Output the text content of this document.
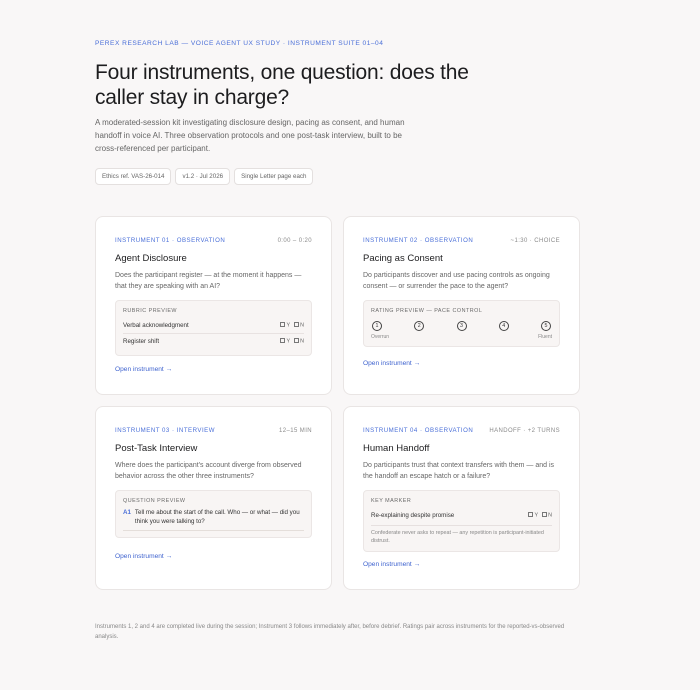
PEREX RESEARCH LAB — VOICE AGENT UX STUDY · INSTRUMENT SUITE 01–04
Four instruments, one question: does the caller stay in charge?

A moderated-session kit investigating disclosure design, pacing as consent, and human handoff in voice AI. Three observation protocols and one post-task interview, built to be cross-referenced per participant.

Ethics ref. VAS-26-014	v1.2 · Jul 2026	Single Letter page each
INSTRUMENT 01 · OBSERVATION	0:00 – 0:20
Agent Disclosure
Does the participant register — at the moment it happens — that they are speaking with an AI?
RUBRIC PREVIEW
Verbal acknowledgment	Y	N
Register shift	Y	N
Open instrument →
INSTRUMENT 02 · OBSERVATION	~1:30 · CHOICE
Pacing as Consent
Do participants discover and use pacing controls as ongoing consent — or surrender the pace to the agent?
RATING PREVIEW — PACE CONTROL
1	2	3	4	5
Overrun	Fluent
Open instrument →
INSTRUMENT 03 · INTERVIEW	12–15 MIN
Post-Task Interview
Where does the participant's account diverge from observed behavior across the other three instruments?
QUESTION PREVIEW
A1 Tell me about the start of the call. Who — or what — did you think you were talking to?
Open instrument →
INSTRUMENT 04 · OBSERVATION	HANDOFF · +2 TURNS
Human Handoff
Do participants trust that context transfers with them — and is the handoff an escape hatch or a failure?
KEY MARKER
Re-explaining despite promise	Y	N
Confederate never asks to repeat — any repetition is participant-initiated distrust.
Open instrument →

Instruments 1, 2 and 4 are completed live during the session; Instrument 3 follows immediately after, before debrief. Ratings pair across instruments for the reported-vs-observed analysis.
